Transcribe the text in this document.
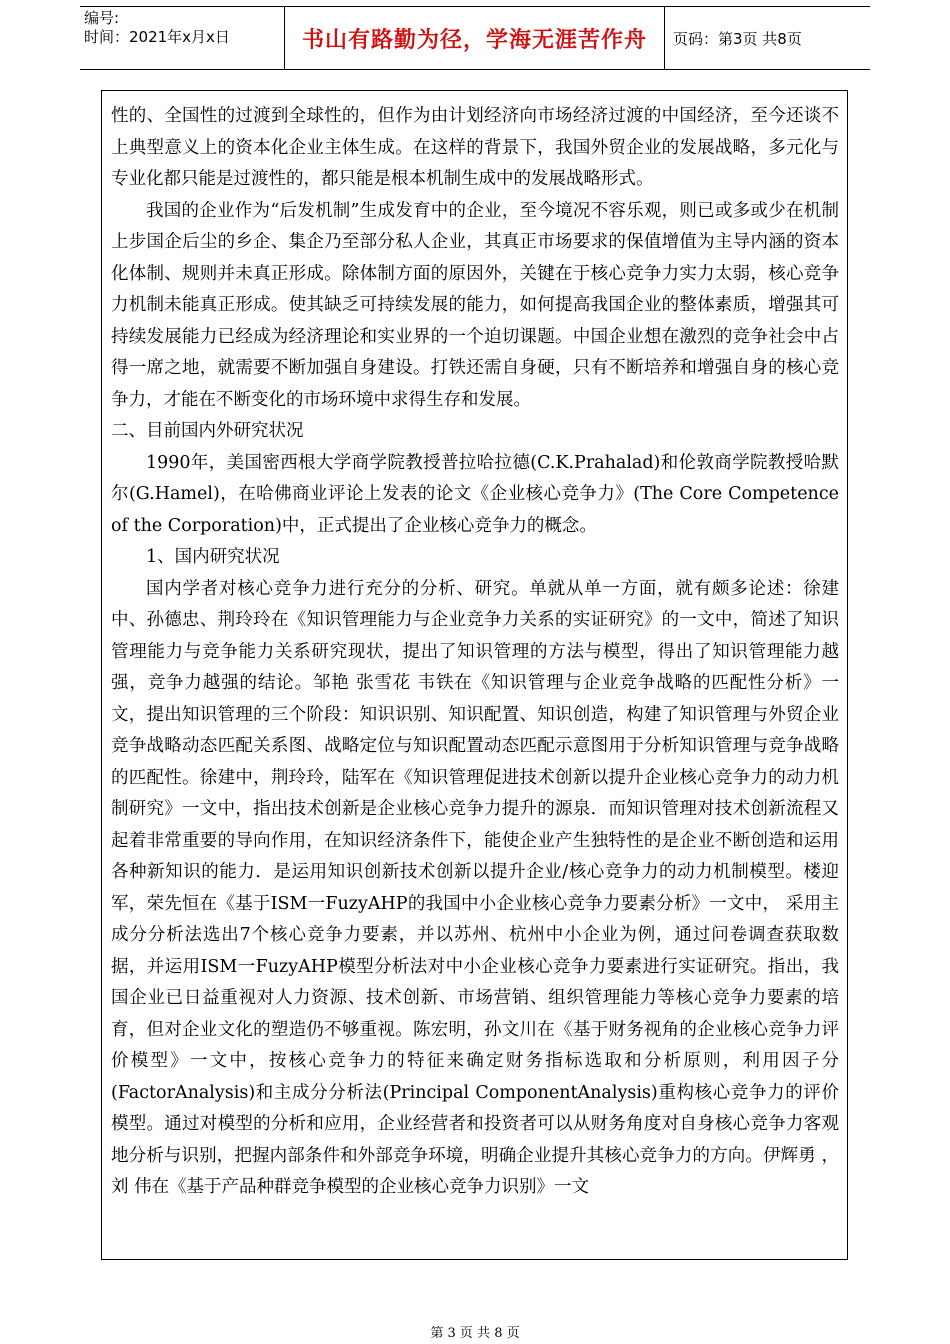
编号:
时间：2021年x月x日	书山有路勤为径，学海无涯苦作舟	页码：第3页 共8页

性的、全国性的过渡到全球性的，但作为由计划经济向市场经济过渡的中国经济，至今还谈不上典型意义上的资本化企业主体生成。在这样的背景下，我国外贸企业的发展战略，多元化与专业化都只能是过渡性的，都只能是根本机制生成中的发展战略形式。

我国的企业作为“后发机制”生成发育中的企业，至今境况不容乐观，则已或多或少在机制上步国企后尘的乡企、集企乃至部分私人企业，其真正市场要求的保值增值为主导内涵的资本化体制、规则并未真正形成。除体制方面的原因外，关键在于核心竞争力实力太弱，核心竞争力机制未能真正形成。使其缺乏可持续发展的能力，如何提高我国企业的整体素质，增强其可持续发展能力已经成为经济理论和实业界的一个迫切课题。中国企业想在激烈的竞争社会中占得一席之地，就需要不断加强自身建设。打铁还需自身硬，只有不断培养和增强自身的核心竞争力，才能在不断变化的市场环境中求得生存和发展。

二、目前国内外研究状况

1990年，美国密西根大学商学院教授普拉哈拉德(C.K.Prahalad)和伦敦商学院教授哈默尔(G.Hamel)，在哈佛商业评论上发表的论文《企业核心竞争力》(The Core Competence of the Corporation)中，正式提出了企业核心竞争力的概念。

1、国内研究状况

国内学者对核心竞争力进行充分的分析、研究。单就从单一方面，就有颇多论述：徐建中、孙德忠、荆玲玲在《知识管理能力与企业竞争力关系的实证研究》的一文中，简述了知识管理能力与竞争能力关系研究现状，提出了知识管理的方法与模型，得出了知识管理能力越强，竞争力越强的结论。邹艳 张雪花 韦铁在《知识管理与企业竞争战略的匹配性分析》一文，提出知识管理的三个阶段：知识识别、知识配置、知识创造，构建了知识管理与外贸企业竞争战略动态匹配关系图、战略定位与知识配置动态匹配示意图用于分析知识管理与竞争战略的匹配性。徐建中，荆玲玲，陆军在《知识管理促进技术创新以提升企业核心竞争力的动力机制研究》一文中，指出技术创新是企业核心竞争力提升的源泉．而知识管理对技术创新流程又起着非常重要的导向作用，在知识经济条件下，能使企业产生独特性的是企业不断创造和运用各种新知识的能力．是运用知识创新技术创新以提升企业/核心竞争力的动力机制模型。楼迎军，荣先恒在《基于ISM一FuzyAHP的我国中小企业核心竞争力要素分析》一文中， 采用主成分分析法选出7个核心竞争力要素，并以苏州、杭州中小企业为例，通过问卷调查获取数据，并运用ISM一FuzyAHP模型分析法对中小企业核心竞争力要素进行实证研究。指出，我国企业已日益重视对人力资源、技术创新、市场营销、组织管理能力等核心竞争力要素的培育，但对企业文化的塑造仍不够重视。陈宏明，孙文川在《基于财务视角的企业核心竞争力评价模型》一文中，按核心竞争力的特征来确定财务指标选取和分析原则，利用因子分(FactorAnalysis)和主成分分析法(Principal ComponentAnalysis)重构核心竞争力的评价模型。通过对模型的分析和应用，企业经营者和投资者可以从财务角度对自身核心竞争力客观地分析与识别，把握内部条件和外部竞争环境，明确企业提升其核心竞争力的方向。伊辉勇 ，刘 伟在《基于产品种群竞争模型的企业核心竞争力识别》一文

第 3 页 共 8 页
